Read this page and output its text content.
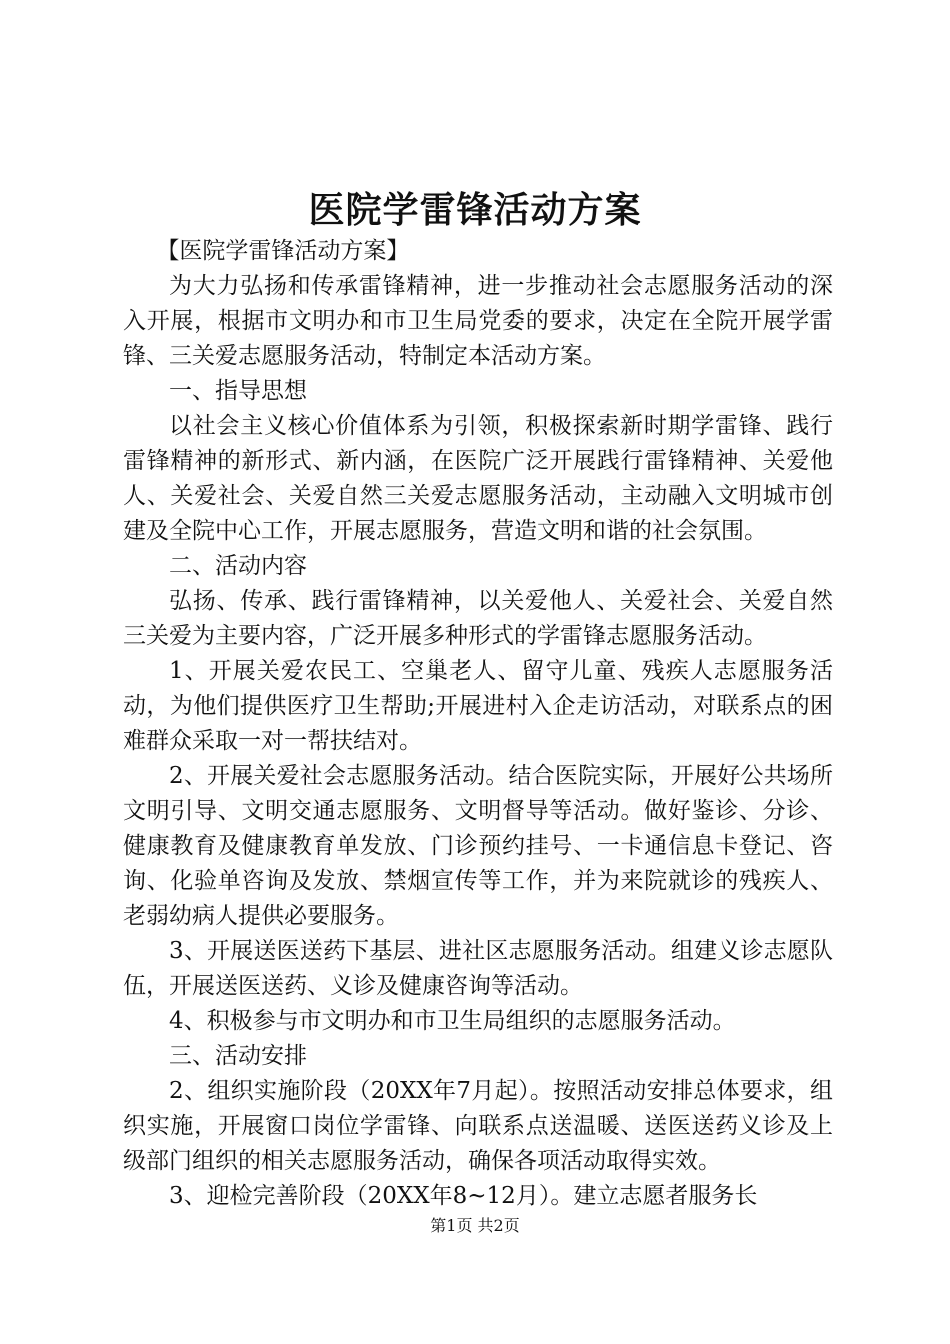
医院学雷锋活动方案

【医院学雷锋活动方案】

为大力弘扬和传承雷锋精神，进一步推动社会志愿服务活动的深入开展，根据市文明办和市卫生局党委的要求，决定在全院开展学雷锋、三关爱志愿服务活动，特制定本活动方案。

一、指导思想

以社会主义核心价值体系为引领，积极探索新时期学雷锋、践行雷锋精神的新形式、新内涵，在医院广泛开展践行雷锋精神、关爱他人、关爱社会、关爱自然三关爱志愿服务活动，主动融入文明城市创建及全院中心工作，开展志愿服务，营造文明和谐的社会氛围。

二、活动内容

弘扬、传承、践行雷锋精神，以关爱他人、关爱社会、关爱自然三关爱为主要内容，广泛开展多种形式的学雷锋志愿服务活动。

1、开展关爱农民工、空巢老人、留守儿童、残疾人志愿服务活动，为他们提供医疗卫生帮助;开展进村入企走访活动，对联系点的困难群众采取一对一帮扶结对。

2、开展关爱社会志愿服务活动。结合医院实际，开展好公共场所文明引导、文明交通志愿服务、文明督导等活动。做好鉴诊、分诊、健康教育及健康教育单发放、门诊预约挂号、一卡通信息卡登记、咨询、化验单咨询及发放、禁烟宣传等工作，并为来院就诊的残疾人、老弱幼病人提供必要服务。

3、开展送医送药下基层、进社区志愿服务活动。组建义诊志愿队伍，开展送医送药、义诊及健康咨询等活动。

4、积极参与市文明办和市卫生局组织的志愿服务活动。

三、活动安排

2、组织实施阶段（20XX年7月起）。按照活动安排总体要求，组织实施，开展窗口岗位学雷锋、向联系点送温暖、送医送药义诊及上级部门组织的相关志愿服务活动，确保各项活动取得实效。

3、迎检完善阶段（20XX年8~12月）。建立志愿者服务长

第1页 共2页
